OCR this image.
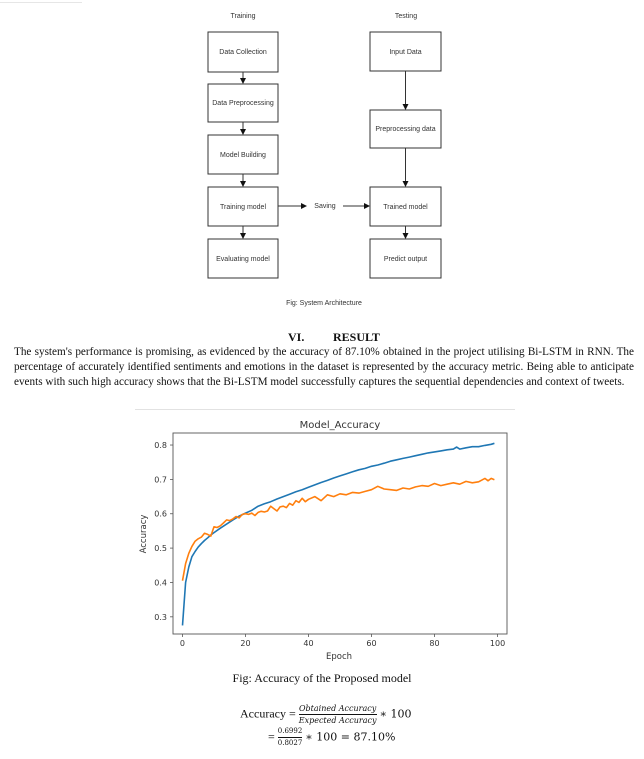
Training	Testing
Data Collection
Data Preprocessing
Model Building
Training model
Evaluating model
Saving
Input Data
Preprocessing data
Trained model
Predict output
Fig: System Architecture
VI. RESULT
The system's performance is promising, as evidenced by the accuracy of 87.10% obtained in the project utilising Bi-LSTM in RNN. The percentage of accurately identified sentiments and emotions in the dataset is represented by the accuracy metric. Being able to anticipate events with such high accuracy shows that the Bi-LSTM model successfully captures the sequential dependencies and context of tweets.
Model_Accuracy
0	20	40	60	80	100
0.3
0.4
0.5
0.6
0.7
0.8
Epoch
Accuracy
Fig: Accuracy of the Proposed model
Accuracy = $\frac{\text{Obtained Accuracy}}{\text{Expected Accuracy}}$ ∗ 100
= $\frac{0.6992}{0.8027}$ ∗ 100 = 87.10%
